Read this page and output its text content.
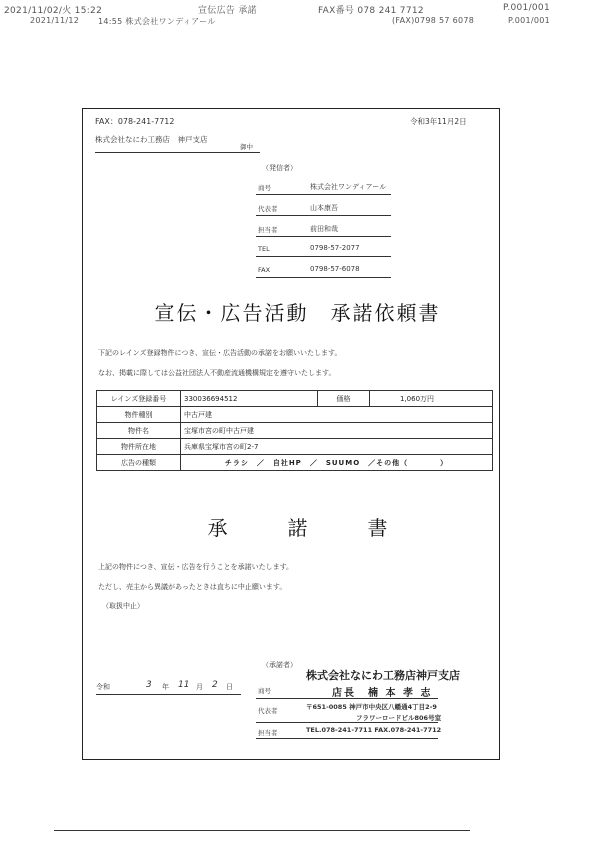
2021/11/02/火 15:22	宣伝広告 承諾	FAX番号 078 241 7712	P.001/001
2021/11/12 14:55 株式会社ワンディアール	(FAX)0798 57 6078	P.001/001
FAX：078-241-7712	令和3年11月2日
株式会社なにわ工務店　神戸支店
御中
（発信者）
商号	株式会社ワンディアール
代表者	山本康吾
担当者	前田和哉
TEL	0798-57-2077
FAX	0798-57-6078
宣伝・広告活動　承諾依頼書
下記のレインズ登録物件につき、宣伝・広告活動の承諾をお願いいたします。
なお、掲載に際しては公益社団法人不動産流通機構規定を遵守いたします。
レインズ登録番号	330036694512	価格	1,060万円
物件種別	中古戸建		
物件名	宝塚市宮の町中古戸建		
物件所在地	兵庫県宝塚市宮の町2-7		
広告の種類	チラシ　／　自社HP　／　SUUMO　／その他（　　　　）		
承　　　諾　　　書
上記の物件につき、宣伝・広告を行うことを承諾いたします。
ただし、売主から異議があったときは直ちに中止願います。
（取扱中止）
（承諾者）
令和	3 年 11 月 2 日	商号
株式会社なにわ工務店神戸支店
店長　楠 本 孝 志
代表者	〒651-0085 神戸市中央区八幡通4丁目2-9
フラワーロードビル806号室
担当者	TEL.078-241-7711 FAX.078-241-7712
